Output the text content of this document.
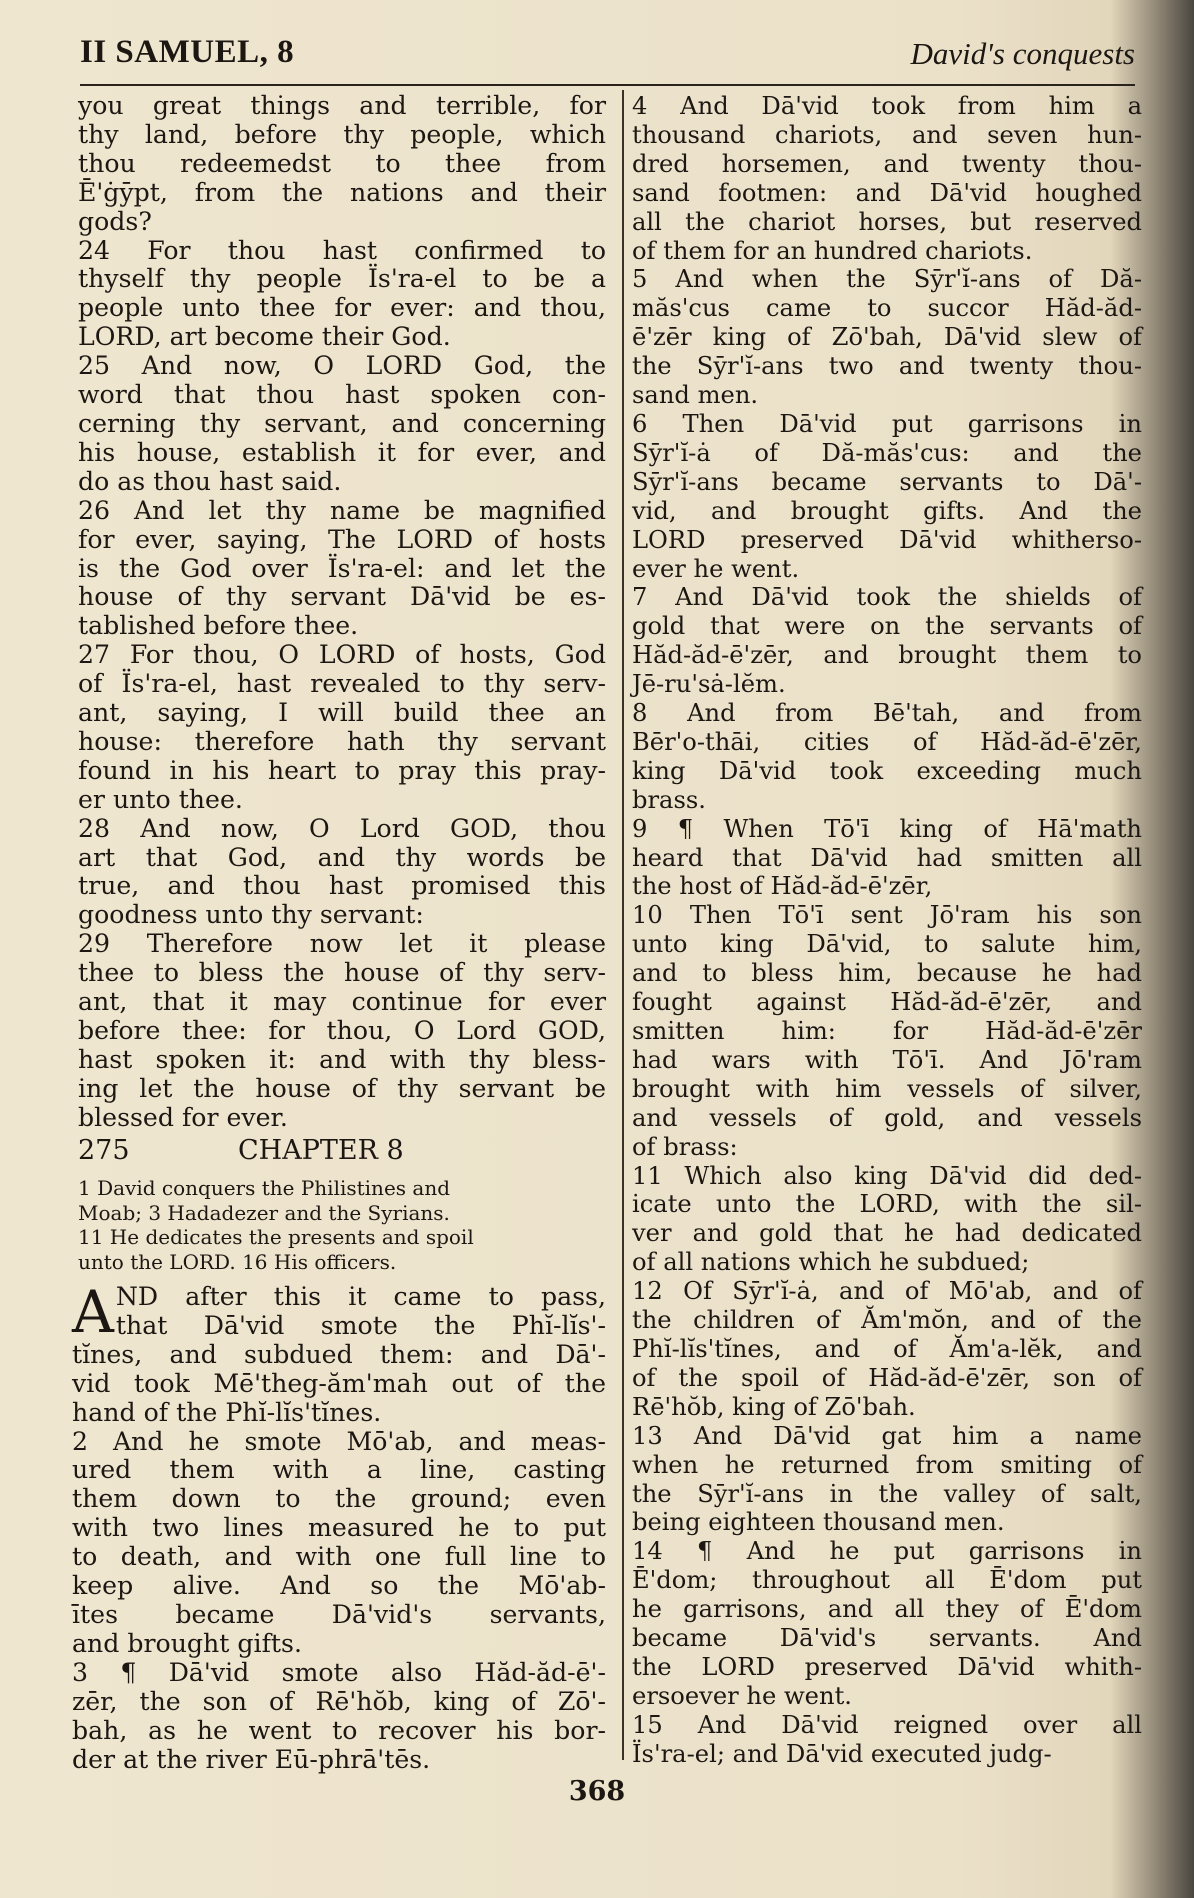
II SAMUEL, 8	David's conquests
you great things and terrible, for
thy land, before thy people, which
thou redeemedst to thee from
Ē'ġȳpt, from the nations and their
gods?
24 For thou hast confirmed to
thyself thy people Ïs'ra-el to be a
people unto thee for ever: and thou,
LORD, art become their God.
25 And now, O LORD God, the
word that thou hast spoken con-
cerning thy servant, and concerning
his house, establish it for ever, and
do as thou hast said.
26 And let thy name be magnified
for ever, saying, The LORD of hosts
is the God over Ïs'ra-el: and let the
house of thy servant Dā'vid be es-
tablished before thee.
27 For thou, O LORD of hosts, God
of Ïs'ra-el, hast revealed to thy serv-
ant, saying, I will build thee an
house: therefore hath thy servant
found in his heart to pray this pray-
er unto thee.
28 And now, O Lord GOD, thou
art that God, and thy words be
true, and thou hast promised this
goodness unto thy servant:
29 Therefore now let it please
thee to bless the house of thy serv-
ant, that it may continue for ever
before thee: for thou, O Lord GOD,
hast spoken it: and with thy bless-
ing let the house of thy servant be
blessed for ever.
275	CHAPTER 8
1 David conquers the Philistines and
Moab; 3 Hadadezer and the Syrians.
11 He dedicates the presents and spoil
unto the LORD. 16 His officers.
A ND after this it came to pass,
that Dā'vid smote the Phĭ-lĭs'-
tĭnes, and subdued them: and Dā'-
vid took Mē'theg-ăm'mah out of the
hand of the Phĭ-lĭs'tĭnes.
2 And he smote Mō'ab, and meas-
ured them with a line, casting
them down to the ground; even
with two lines measured he to put
to death, and with one full line to
keep alive. And so the Mō'ab-
ītes became Dā'vid's servants,
and brought gifts.
3 ¶ Dā'vid smote also Hăd-ăd-ē'-
zēr, the son of Rē'hŏb, king of Zō'-
bah, as he went to recover his bor-
der at the river Eū-phrā'tēs.
4 And Dā'vid took from him a
thousand chariots, and seven hun-
dred horsemen, and twenty thou-
sand footmen: and Dā'vid houghed
all the chariot horses, but reserved
of them for an hundred chariots.
5 And when the Sȳr'ĭ-ans of Dă-
măs'cus came to succor Hăd-ăd-
ē'zēr king of Zō'bah, Dā'vid slew of
the Sȳr'ĭ-ans two and twenty thou-
sand men.
6 Then Dā'vid put garrisons in
Sȳr'ĭ-ȧ of Dă-măs'cus: and the
Sȳr'ĭ-ans became servants to Dā'-
vid, and brought gifts. And the
LORD preserved Dā'vid whitherso-
ever he went.
7 And Dā'vid took the shields of
gold that were on the servants of
Hăd-ăd-ē'zēr, and brought them to
Jē-ru'sȧ-lĕm.
8 And from Bē'tah, and from
Bēr'o-thāi, cities of Hăd-ăd-ē'zēr,
king Dā'vid took exceeding much
brass.
9 ¶ When Tō'ī king of Hā'math
heard that Dā'vid had smitten all
the host of Hăd-ăd-ē'zēr,
10 Then Tō'ī sent Jō'ram his son
unto king Dā'vid, to salute him,
and to bless him, because he had
fought against Hăd-ăd-ē'zēr, and
smitten him: for Hăd-ăd-ē'zēr
had wars with Tō'ī. And Jō'ram
brought with him vessels of silver,
and vessels of gold, and vessels
of brass:
11 Which also king Dā'vid did ded-
icate unto the LORD, with the sil-
ver and gold that he had dedicated
of all nations which he subdued;
12 Of Sȳr'ĭ-ȧ, and of Mō'ab, and of
the children of Ăm'mŏn, and of the
Phĭ-lĭs'tĭnes, and of Ăm'a-lĕk, and
of the spoil of Hăd-ăd-ē'zēr, son of
Rē'hŏb, king of Zō'bah.
13 And Dā'vid gat him a name
when he returned from smiting of
the Sȳr'ĭ-ans in the valley of salt,
being eighteen thousand men.
14 ¶ And he put garrisons in
Ē'dom; throughout all Ē'dom put
he garrisons, and all they of Ē'dom
became Dā'vid's servants. And
the LORD preserved Dā'vid whith-
ersoever he went.
15 And Dā'vid reigned over all
Ïs'ra-el; and Dā'vid executed judg-
368
